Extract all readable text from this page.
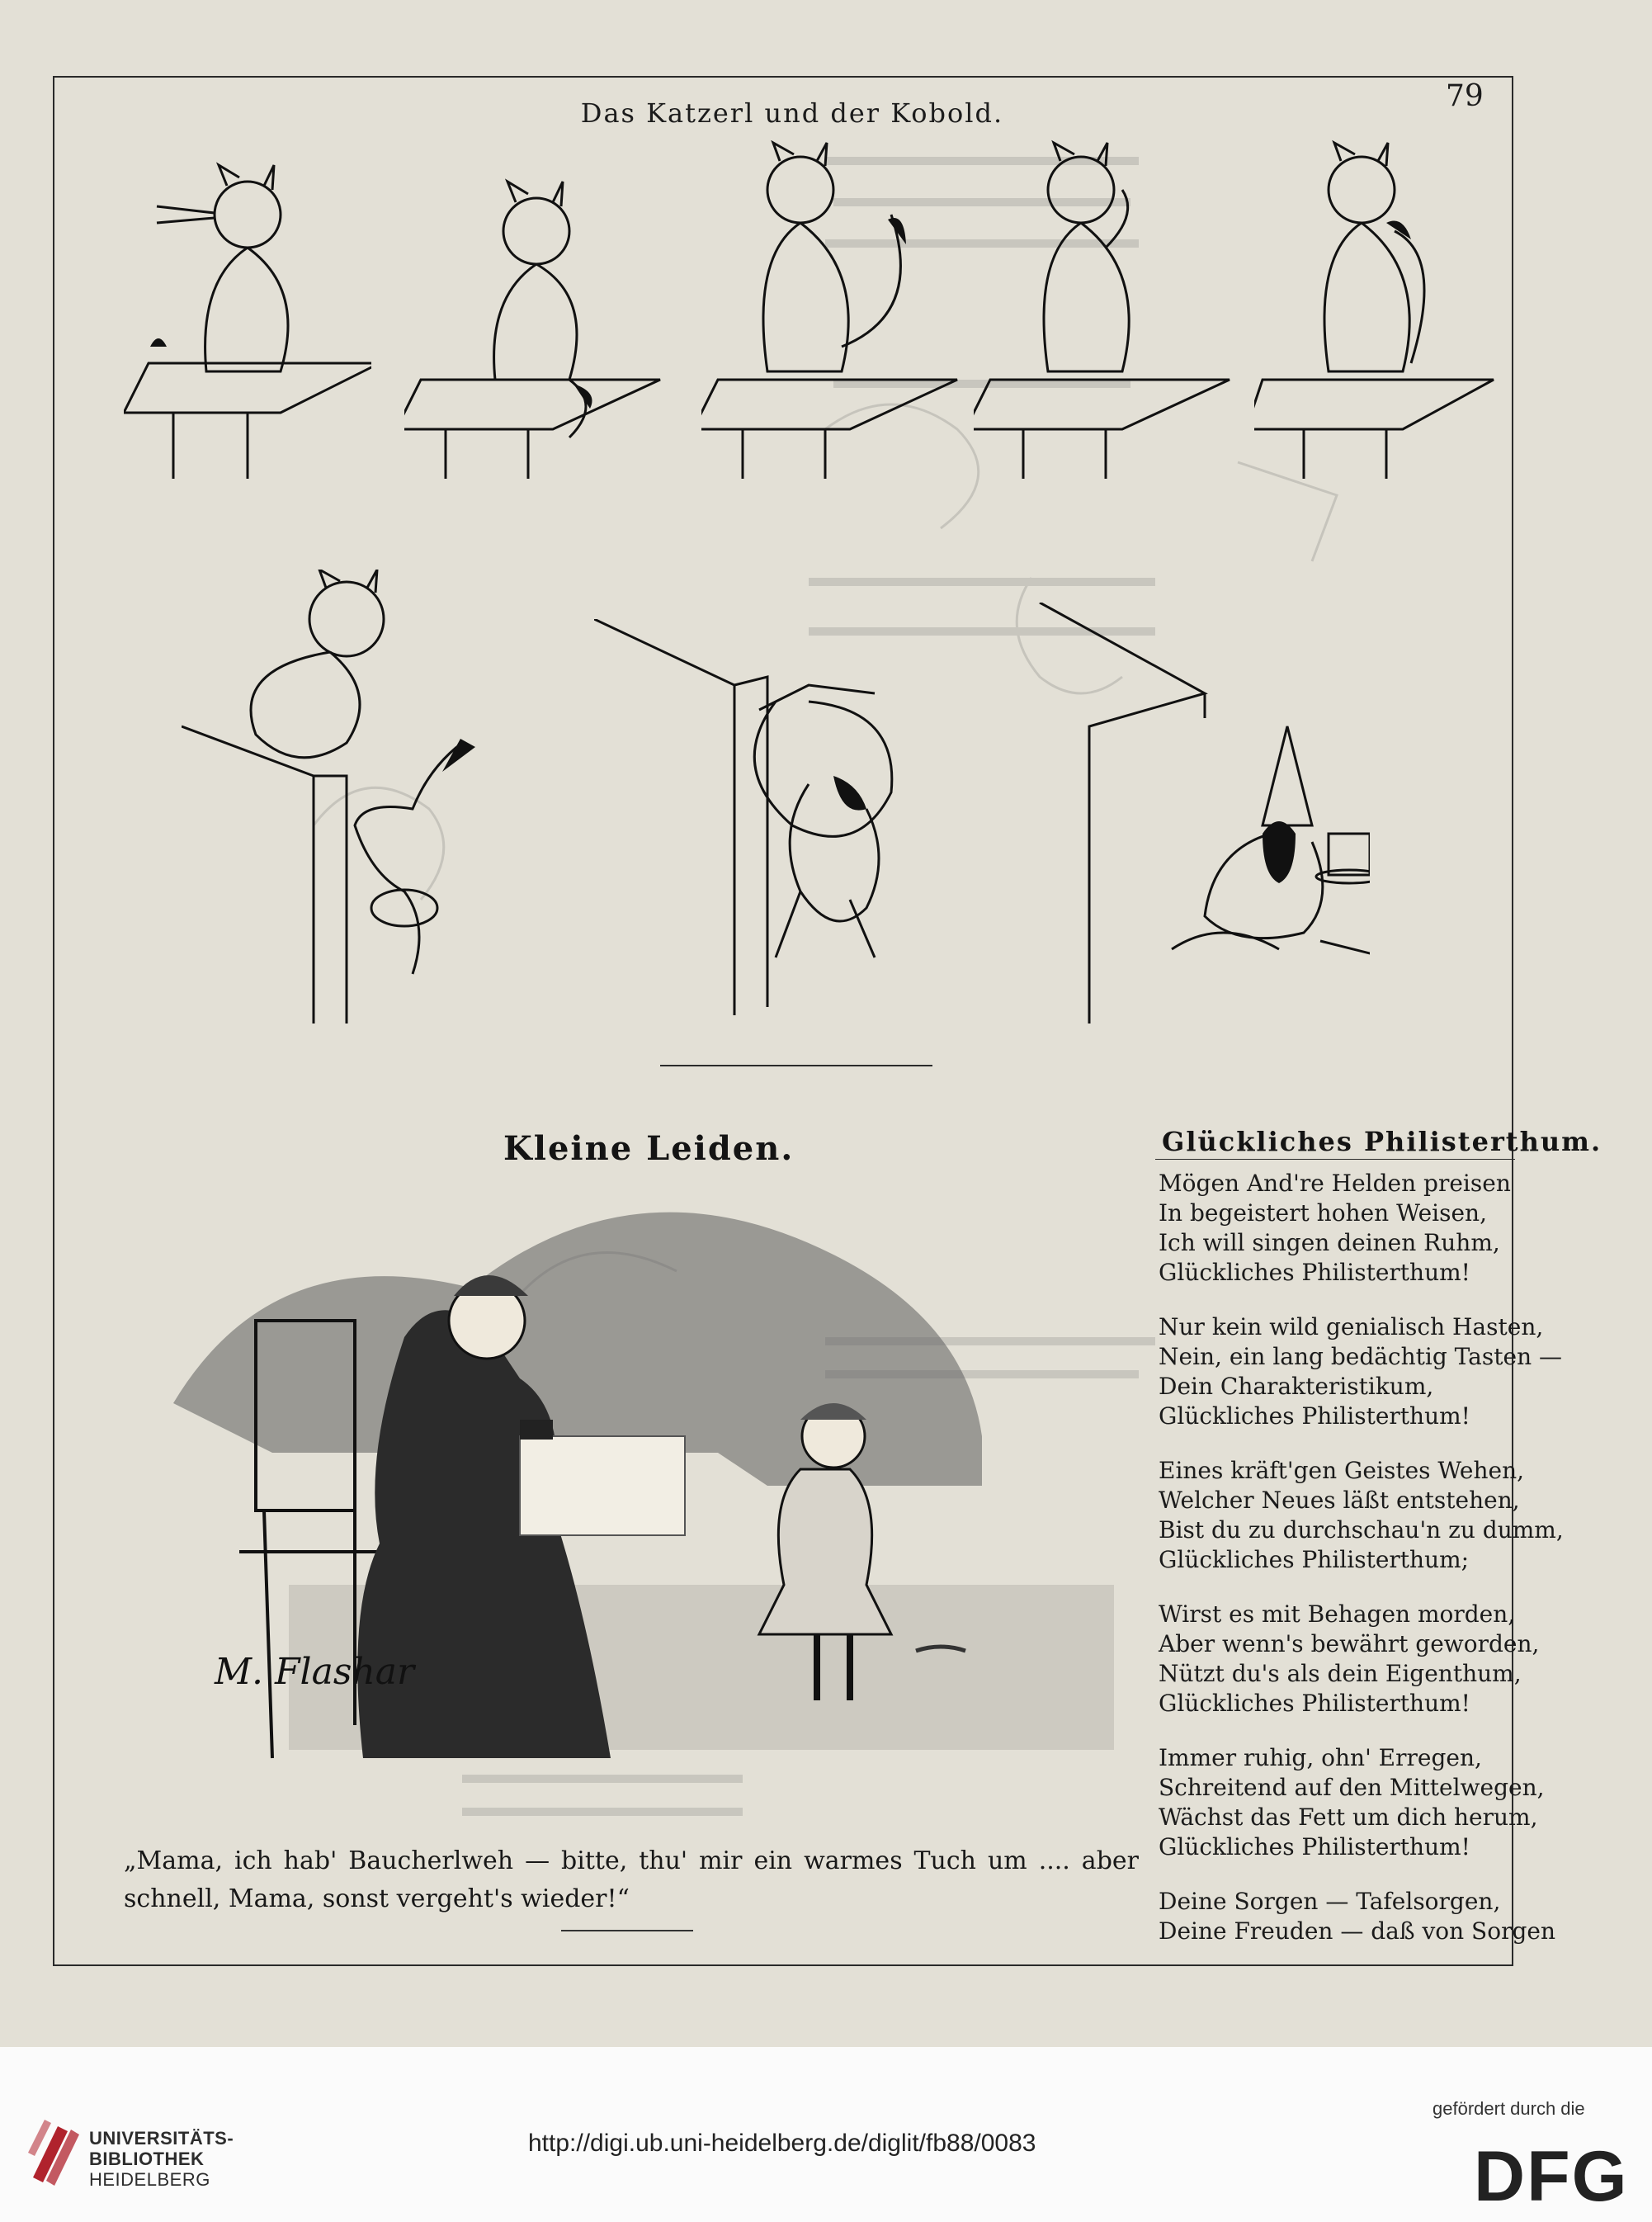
Das Katzerl und der Kobold.	79
Kleine Leiden.	Glückliches Philisterthum.
M. Flashar
Mögen And're Helden preisen
In begeistert hohen Weisen,
Ich will singen deinen Ruhm,
Glückliches Philisterthum!
Nur kein wild genialisch Hasten,
Nein, ein lang bedächtig Tasten —
Dein Charakteristikum,
Glückliches Philisterthum!
Eines kräft'gen Geistes Wehen,
Welcher Neues läßt entstehen,
Bist du zu durchschau'n zu dumm,
Glückliches Philisterthum;
Wirst es mit Behagen morden,
Aber wenn's bewährt geworden,
Nützt du's als dein Eigenthum,
Glückliches Philisterthum!
Immer ruhig, ohn' Erregen,
Schreitend auf den Mittelwegen,
Wächst das Fett um dich herum,
Glückliches Philisterthum!
Deine Sorgen — Tafelsorgen,
Deine Freuden — daß von Sorgen
„Mama, ich hab' Baucherlweh — bitte, thu' mir ein warmes Tuch um .... aber schnell, Mama, sonst vergeht's wieder!“
UNIVERSITÄTS-
BIBLIOTHEK
HEIDELBERG
http://digi.ub.uni-heidelberg.de/diglit/fb88/0083
gefördert durch die
DFG
